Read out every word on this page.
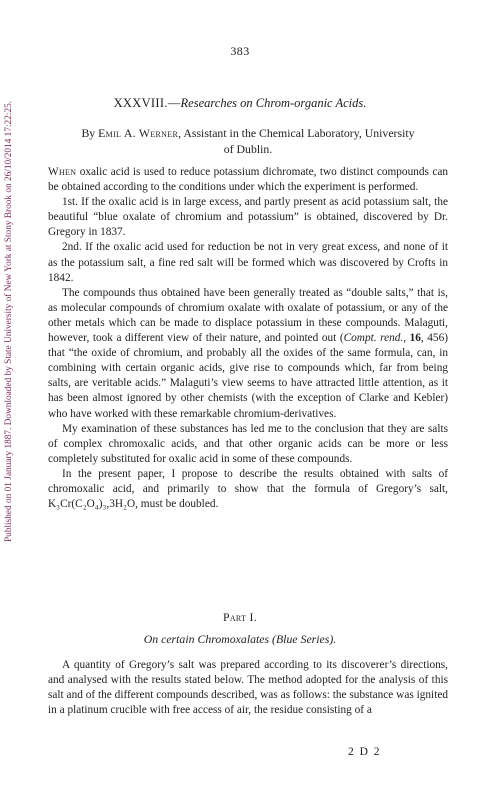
Published on 01 January 1887. Downloaded by State University of New York at Stony Brook on 26/10/2014 17:22:25.
383
XXXVIII.—Researches on Chrom-organic Acids.
By Emil A. Werner, Assistant in the Chemical Laboratory, University
of Dublin.

When oxalic acid is used to reduce potassium dichromate, two distinct compounds can be obtained according to the conditions under which the experiment is performed.

1st. If the oxalic acid is in large excess, and partly present as acid potassium salt, the beautiful “blue oxalate of chromium and potassium” is obtained, discovered by Dr. Gregory in 1837.

2nd. If the oxalic acid used for reduction be not in very great excess, and none of it as the potassium salt, a fine red salt will be formed which was discovered by Crofts in 1842.

The compounds thus obtained have been generally treated as “double salts,” that is, as molecular compounds of chromium oxalate with oxalate of potassium, or any of the other metals which can be made to displace potassium in these compounds. Malaguti, however, took a different view of their nature, and pointed out (Compt. rend., 16, 456) that “the oxide of chromium, and probably all the oxides of the same formula, can, in combining with certain organic acids, give rise to compounds which, far from being salts, are veritable acids.” Malaguti’s view seems to have attracted little attention, as it has been almost ignored by other chemists (with the exception of Clarke and Kebler) who have worked with these remarkable chromium-derivatives.

My examination of these substances has led me to the conclusion that they are salts of complex chromoxalic acids, and that other organic acids can be more or less completely substituted for oxalic acid in some of these compounds.

In the present paper, I propose to describe the results obtained with salts of chromoxalic acid, and primarily to show that the formula of Gregory’s salt, K₃Cr(C₂O₄)₃,3H₂O, must be doubled.

Part I.
On certain Chromoxalates (Blue Series).

A quantity of Gregory’s salt was prepared according to its discoverer’s directions, and analysed with the results stated below. The method adopted for the analysis of this salt and of the different compounds described, was as follows: the substance was ignited in a platinum crucible with free access of air, the residue consisting of a

2 D 2
